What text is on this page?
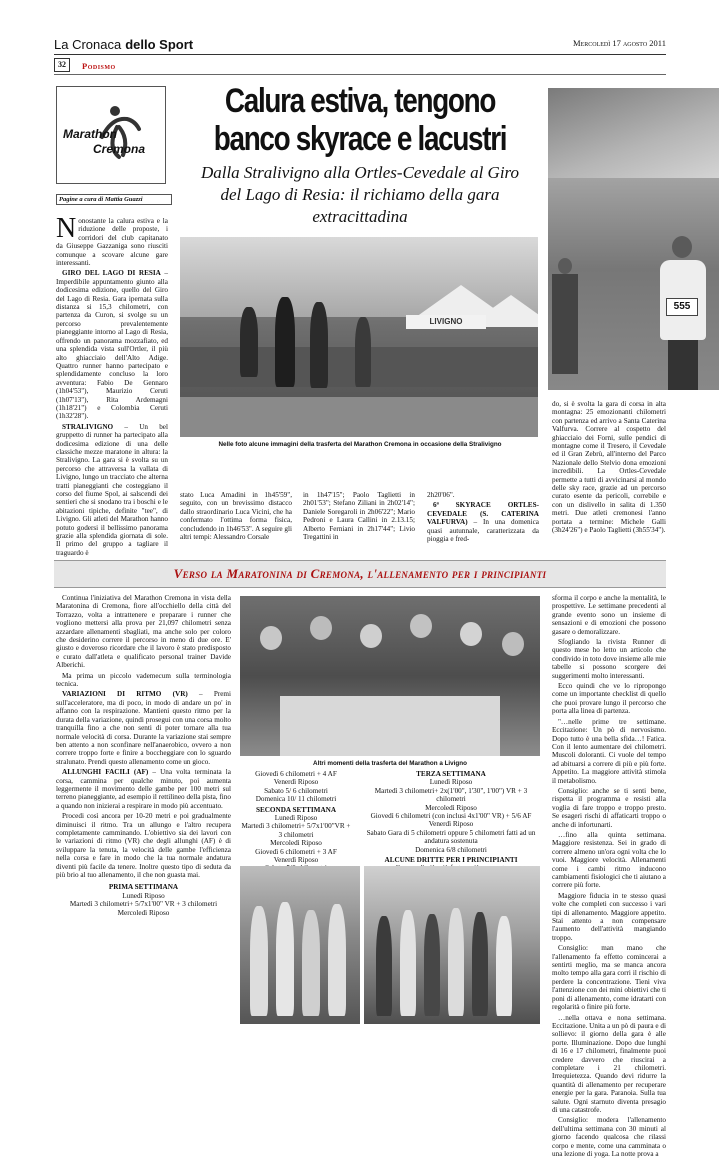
La Cronaca dello Sport	Mercoledì 17 agosto 2011
32	Podismo
Marathon
Cremona
Pagine a cura di Mattia Guazzi
Calura estiva, tengono
banco skyrace e lacustri
Dalla Stralivigno alla Ortles-Cevedale al Giro
del Lago di Resia: il richiamo della gara extracittadina

Nonostante la calura estiva e la riduzione delle proposte, i corridori del club capitanato da Giuseppe Gazzaniga sono riusciti comunque a scovare alcune gare interessanti.

GIRO DEL LAGO DI RESIA – Imperdibile appuntamento giunto alla dodicesima edizione, quello del Giro del Lago di Resia. Gara ipernata sulla distanza si 15,3 chilometri, con partenza da Curon, si svolge su un percorso prevalentemente pianeggiante intorno al Lago di Resia, offrendo un panorama mozzafiato, ed una splendida vista sull'Ortler, il più alto ghiacciaio dell'Alto Adige. Quattro runner hanno partecipato e splendidamente concluso la loro avventura: Fabio De Gennaro (1h04'53"), Maurizio Ceruti (1h07'13"), Rita Ardemagni (1h18'21") e Colombia Ceruti (1h32'28").

STRALIVIGNO – Un bel gruppetto di runner ha partecipato alla dodicesima edizione di una delle classiche mezze maratone in altura: la Stralivigno. La gara si è svolta su un percorso che attraversa la vallata di Livigno, lungo un tracciato che alterna tratti pianeggianti che costeggiano il corso del fiume Spol, ai salscendi dei sentieri che si snodano tra i boschi e le abitazioni tipiche, definite "tee", di Livigno. Gli atleti del Marathon hanno potuto godersi il bellissimo panorama grazie alla splendida giornata di sole. Il primo del gruppo a tagliare il traguardo è

LIVIGNO
Nelle foto alcune immagini della trasferta del Marathon Cremona in occasione della Stralivigno
555

stato Luca Amadini in 1h45'59", seguito, con un brevissimo distacco dallo straordinario Luca Vicini, che ha confermato l'ottima forma fisica, concludendo in 1h46'53". A seguire gli altri tempi: Alessandro Corsale

in 1h47'15"; Paolo Taglietti in 2h01'53"; Stefano Ziliani in 2h02'14"; Daniele Soregaroli in 2h06'22"; Mario Pedroni e Laura Callini in 2.13.15; Alberto Ferniani in 2h17'44"; Livio Tregattini in

2h20'06".

6ª SKYRACE ORTLES-CEVEDALE (S. CATERINA VALFURVA) – In una domenica quasi autunnale, caratterizzata da pioggia e fred-

do, si è svolta la gara di corsa in alta montagna: 25 emozionanti chilometri con partenza ed arrivo a Santa Caterina Valfurva. Correre al cospetto del ghiacciaio dei Forni, sulle pendici di montagne come il Tresero, il Cevedale ed il Gran Zebrù, all'interno del Parco Nazionale dello Stelvio dona emozioni incredibili. La Ortles-Cevedale permette a tutti di avvicinarsi al mondo delle sky race, grazie ad un percorso curato esente da pericoli, correbile e con un dislivello in salita di 1.350 metri. Due atleti cremonesi l'anno portata a termine: Michele Galli (3h24'26") e Paolo Taglietti (3h55'34").

Verso la Maratonina di Cremona, l'allenamento per i principianti

Continua l'iniziativa del Marathon Cremona in vista della Maratonina di Cremona, fiore all'occhiello della città del Torrazzo, volta a intrattenere e preparare i runner che vogliono mettersi alla prova per 21,097 chilometri senza azzardare allenamenti sbagliati, ma anche solo per coloro che desiderino correre il percorso in meno di due ore. E' giusto e doveroso ricordare che il lavoro è stato predisposto e curato dall'atleta e qualificato personal trainer Davide Alberichi.

Ma prima un piccolo vademecum sulla terminologia tecnica.

VARIAZIONI DI RITMO (VR) – Premi sull'acceleratore, ma di poco, in modo di andare un po' in affanno con la respirazione. Mantieni questo ritmo per la durata della variazione, quindi prosegui con una corsa molto tranquilla fino a che non senti di poter tornare alla tua normale velocità di corsa. Durante la variazione stai sempre ben attento a non sconfinare nell'anaerobico, ovvero a non correre troppo forte e finire a boccheggiare con lo sguardo stralunato. Prendi questo allenamento come un gioco.

ALLUNGHI FACILI (AF) – Una volta terminata la corsa, cammina per qualche minuto, poi aumenta leggermente il movimento delle gambe per 100 metri sul terreno pianeggiante, ad esempio il rettilineo della pista, fino a quando non inizierai a respirare in modo più accentuato.

Procedi così ancora per 10-20 metri e poi gradualmente diminuisci il ritmo. Tra un allungo e l'altro recupera completamente camminando. L'obiettivo sia dei lavori con le variazioni di ritmo (VR) che degli allunghi (AF) è di sviluppare la tenuta, la velocità delle gambe l'efficienza nella corsa e fare in modo che la tua normale andatura diventi più facile da tenere. Inoltre questo tipo di seduta da più brio al tuo allenamento, il che non guasta mai.

PRIMA SETTIMANA
Lunedì Riposo
Martedì 3 chilometri+ 5/7x1'00" VR + 3 chilometri
Mercoledì Riposo
Altri momenti della trasferta del Marathon a Livigno
Giovedì 6 chilometri + 4 AF
Venerdì Riposo
Sabato 5/ 6 chilometri
Domenica 10/ 11 chilometri
SECONDA SETTIMANA
Lunedì Riposo
Martedì 3 chilometri+ 5/7x1'00"VR + 3 chilometri
Mercoledì Riposo
Giovedì 6 chilometri + 3 AF
Venerdì Riposo
TERZA SETTIMANA
Lunedì Riposo
Martedì 3 chilometri+ 2x(1'00", 1'30", 1'00") VR + 3 chilometri
Mercoledì Riposo
Giovedì 6 chilometri (con inclusi 4x1'00" VR) + 5/6 AF
Venerdì Riposo
Sabato Gara di 5 chilometri oppure 5 chilometri fatti ad un andatura sostenuta
Domenica 6/8 chilometri
ALCUNE DRITTE PER I PRINCIPIANTI

sforma il corpo e anche la mentalità, le prospettive. Le settimane precedenti al grande evento sono un insieme di sensazioni e di emozioni che possono gasare o demoralizzare.

Sfogliando la rivista Runner di questo mese ho letto un articolo che condivido in toto dove insieme alle mie tabelle si possono scorgere dei suggerimenti molto interessanti.

Ecco quindi che ve lo ripropongo come un importante checklist di quello che puoi provare lungo il percorso che porta alla linea di partenza.

"…nelle prime tre settimane. Eccitazione: Un pò di nervosismo. Dopo tutto è una bella sfida…! Fatica. Con il lento aumentare dei chilometri. Muscoli doloranti. Ci vuole del tempo ad abituarsi a correre di più e più forte. Appetito. La maggiore attività stimola il metabolismo.

Consiglio: anche se ti senti bene, rispetta il programma e resisti alla voglia di fare troppo e troppo presto. Se esageri rischi di affaticarti troppo o anche di infortunarti.

…fino alla quinta settimana. Maggiore resistenza. Sei in grado di correre almeno un'ora ogni volta che lo vuoi. Maggiore velocità. Allenamenti come i cambi ritmo inducono cambiamenti fisiologici che ti aiutano a correre più forte.

Maggiore fiducia in te stesso quasi volte che completi con successo i vari tipi di allenamento. Maggiore appetito. Stai attento a non compensare l'aumento dell'attività mangiando troppo.

Consiglio: man mano che l'allenamento fa effetto comincerai a sentirti meglio, ma se manca ancora molto tempo alla gara corri il rischio di perdere la concentrazione. Tieni viva l'attenzione con dei mini obiettivi che ti poni di allenamento, come idratarti con regolarità o finire più forte.

…nella ottava e nona settimana. Eccitazione. Unita a un pò di paura e di sollievo: il giorno della gara è alle porte. Illuminazione. Dopo due lunghi di 16 e 17 chilometri, finalmente puoi credere davvero che riuscirai a completare i 21 chilometri. Irrequietezza. Quando devi ridurre la quantità di allenamento per recuperare energie per la gara. Paranoia. Sulla tua salute. Ogni starnuto diventa presagio di una catastrofe.

Consiglio: modera l'allenamento dell'ultima settimana con 30 minuti al giorno facendo qualcosa che rilassi corpo e mente, come una camminata o una lezione di yoga. La notte prova a
